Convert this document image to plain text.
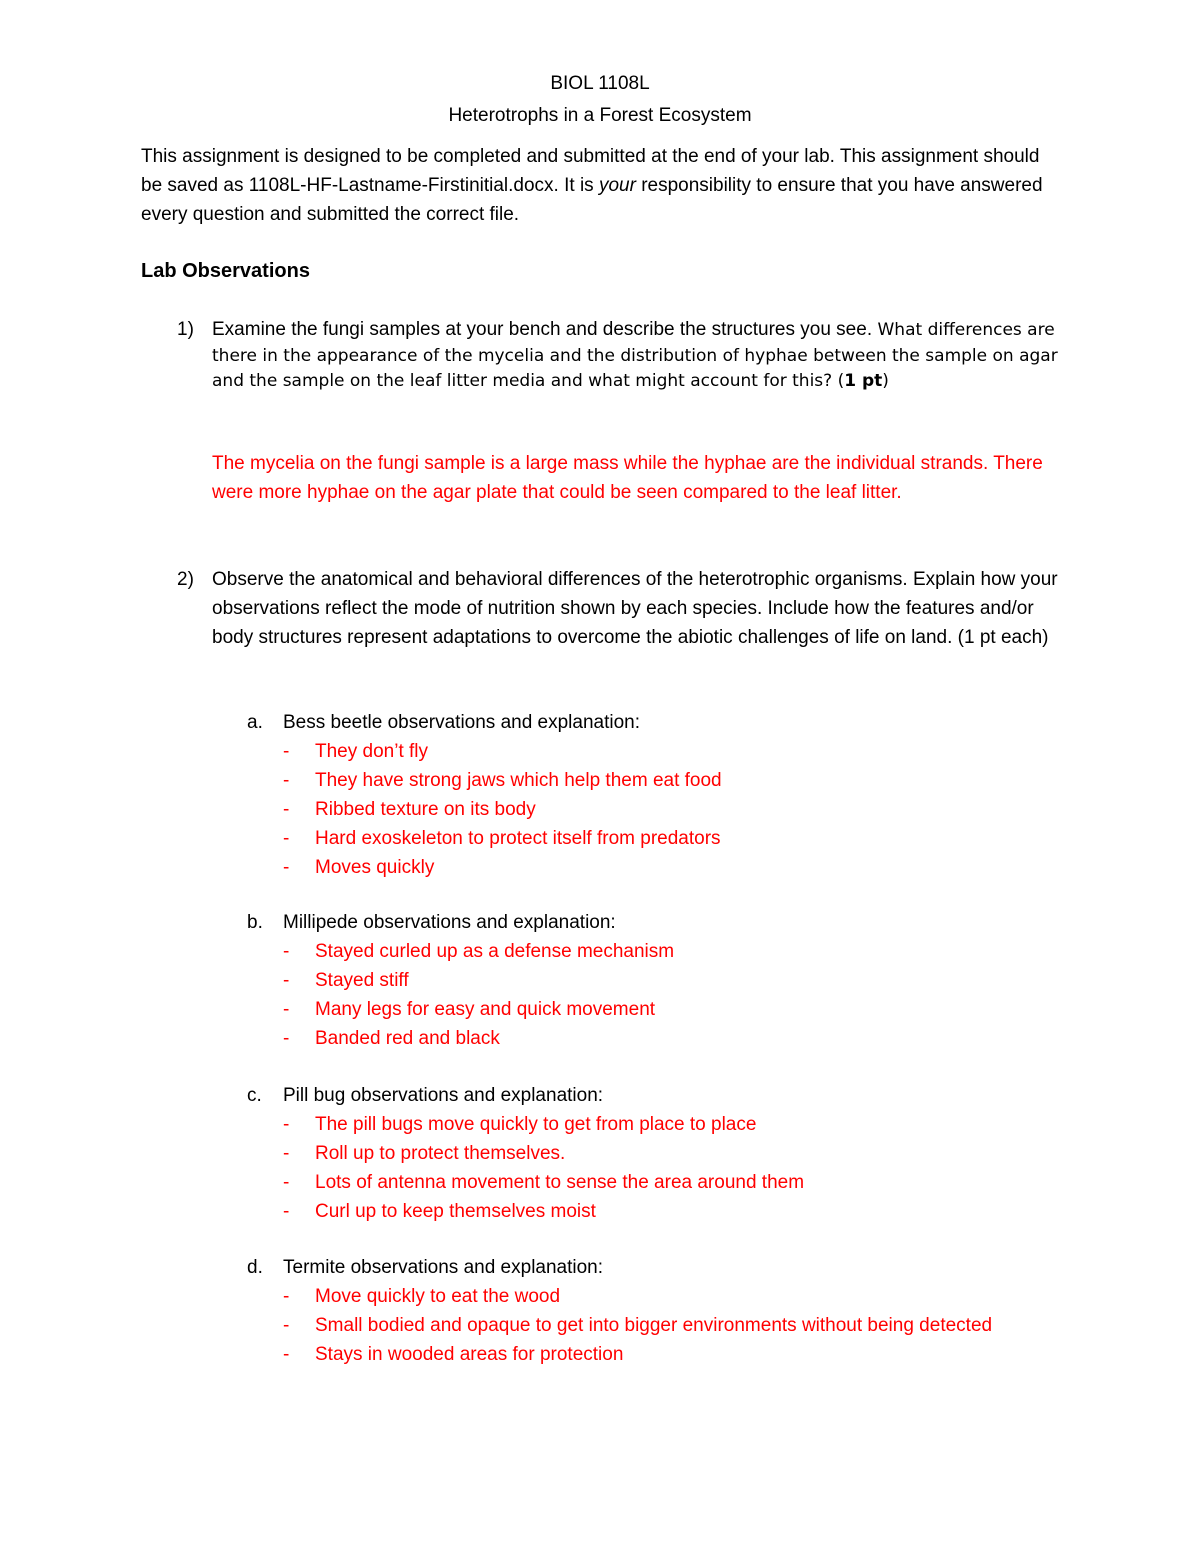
BIOL 1108L
Heterotrophs in a Forest Ecosystem
This assignment is designed to be completed and submitted at the end of your lab. This assignment should be saved as 1108L-HF-Lastname-Firstinitial.docx. It is your responsibility to ensure that you have answered every question and submitted the correct file.
Lab Observations
1) Examine the fungi samples at your bench and describe the structures you see. What differences are there in the appearance of the mycelia and the distribution of hyphae between the sample on agar and the sample on the leaf litter media and what might account for this? (1 pt)
The mycelia on the fungi sample is a large mass while the hyphae are the individual strands. There were more hyphae on the agar plate that could be seen compared to the leaf litter.
2) Observe the anatomical and behavioral differences of the heterotrophic organisms. Explain how your observations reflect the mode of nutrition shown by each species. Include how the features and/or body structures represent adaptations to overcome the abiotic challenges of life on land. (1 pt each)
a. Bess beetle observations and explanation:
-	They don’t fly
-	They have strong jaws which help them eat food
-	Ribbed texture on its body
-	Hard exoskeleton to protect itself from predators
-	Moves quickly
b. Millipede observations and explanation:
-	Stayed curled up as a defense mechanism
-	Stayed stiff
-	Many legs for easy and quick movement
-	Banded red and black
c. Pill bug observations and explanation:
-	The pill bugs move quickly to get from place to place
-	Roll up to protect themselves.
-	Lots of antenna movement to sense the area around them
-	Curl up to keep themselves moist
d. Termite observations and explanation:
-	Move quickly to eat the wood
-	Small bodied and opaque to get into bigger environments without being detected
-	Stays in wooded areas for protection
